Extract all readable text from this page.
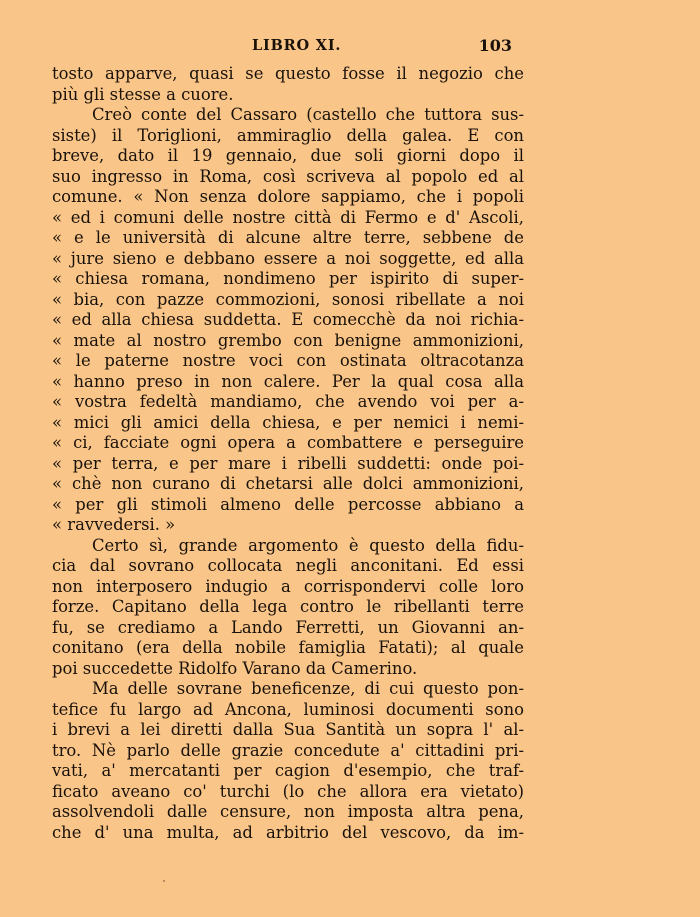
LIBRO XI.	103
tosto apparve, quasi se questo fosse il negozio che
più gli stesse a cuore.
Creò conte del Cassaro (castello che tuttora sus-
siste) il Toriglioni, ammiraglio della galea. E con
breve, dato il 19 gennaio, due soli giorni dopo il
suo ingresso in Roma, così scriveva al popolo ed al
comune. « Non senza dolore sappiamo, che i popoli
« ed i comuni delle nostre città di Fermo e d' Ascoli,
« e le università di alcune altre terre, sebbene de
« jure sieno e debbano essere a noi soggette, ed alla
« chiesa romana, nondimeno per ispirito di super-
« bia, con pazze commozioni, sonosi ribellate a noi
« ed alla chiesa suddetta. E comecchè da noi richia-
« mate al nostro grembo con benigne ammonizioni,
« le paterne nostre voci con ostinata oltracotanza
« hanno preso in non calere. Per la qual cosa alla
« vostra fedeltà mandiamo, che avendo voi per a-
« mici gli amici della chiesa, e per nemici i nemi-
« ci, facciate ogni opera a combattere e perseguire
« per terra, e per mare i ribelli suddetti: onde poi-
« chè non curano di chetarsi alle dolci ammonizioni,
« per gli stimoli almeno delle percosse abbiano a
« ravvedersi. »
Certo sì, grande argomento è questo della fidu-
cia dal sovrano collocata negli anconitani. Ed essi
non interposero indugio a corrispondervi colle loro
forze. Capitano della lega contro le ribellanti terre
fu, se crediamo a Lando Ferretti, un Giovanni an-
conitano (era della nobile famiglia Fatati); al quale
poi succedette Ridolfo Varano da Camerino.
Ma delle sovrane beneficenze, di cui questo pon-
tefice fu largo ad Ancona, luminosi documenti sono
i brevi a lei diretti dalla Sua Santità un sopra l' al-
tro. Nè parlo delle grazie concedute a' cittadini pri-
vati, a' mercatanti per cagion d'esempio, che traf-
ficato aveano co' turchi (lo che allora era vietato)
assolvendoli dalle censure, non imposta altra pena,
che d' una multa, ad arbitrio del vescovo, da im-
